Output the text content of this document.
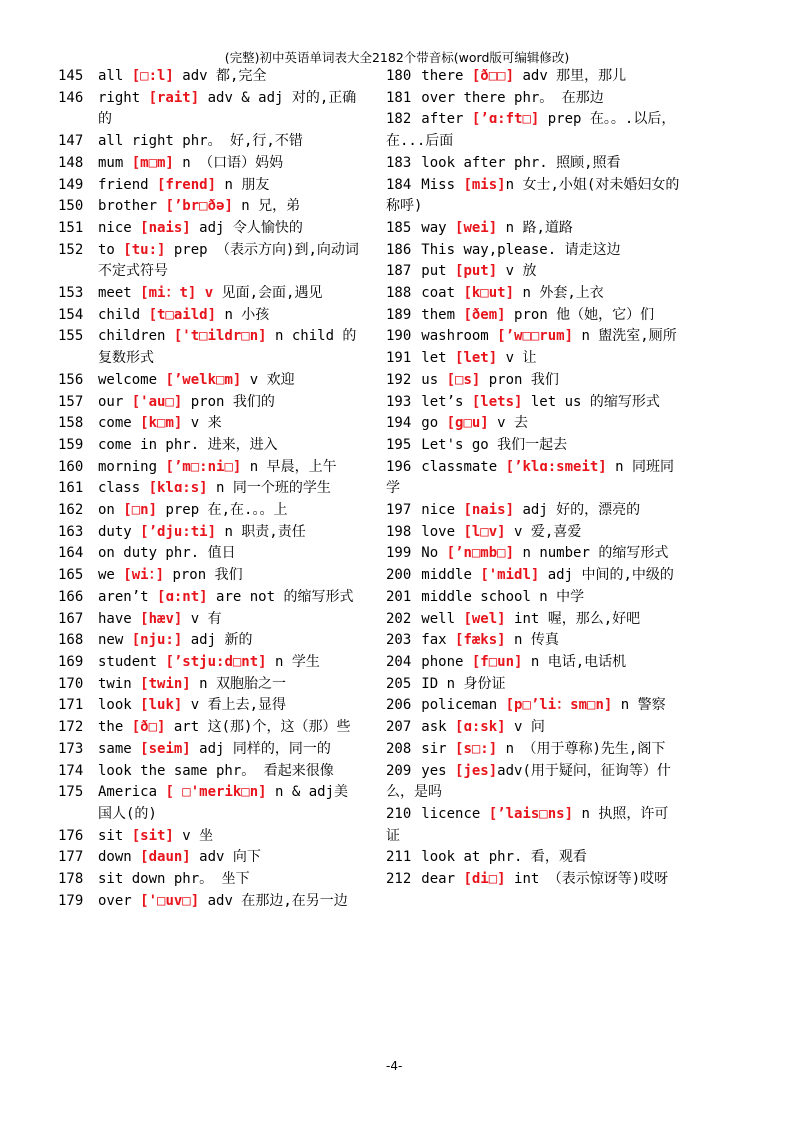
(完整)初中英语单词表大全2182个带音标(word版可编辑修改)
145	all [□:l] adv 都,完全
146	right [rait] adv & adj 对的,正确的
147	all right phr。 好,行,不错
148	mum [m□m] n （口语）妈妈
149	friend [frend] n 朋友
150	brother [’br□ðə] n 兄，弟
151	nice [nais] adj 令人愉快的
152	to [tu:] prep （表示方向)到,向动词不定式符号
153	meet [mi：t] v 见面,会面,遇见
154	child [t□aild] n 小孩
155	children ['t□ildr□n] n child 的复数形式
156	welcome [’welk□m] v 欢迎
157	our ['au□] pron 我们的
158	come [k□m] v 来
159	come in phr. 进来，进入
160	morning [’m□:ni□] n 早晨，上午
161	class [klɑ:s] n 同一个班的学生
162	on [□n] prep 在,在.。。上
163	duty [’dju:ti] n 职责,责任
164	on duty phr. 值日
165	we [wi：] pron 我们
166	aren’t [ɑ:nt] are not 的缩写形式
167	have [hæv] v 有
168	new [nju:] adj 新的
169	student [’stju:d□nt] n 学生
170	twin [twin] n 双胞胎之一
171	look [luk] v 看上去,显得
172	the [ð□] art 这(那)个，这（那）些
173	same [seim] adj 同样的，同一的
174	look the same phr。 看起来很像
175	America [ □'merik□n] n & adj美国人(的)
176	sit [sit] v 坐
177	down [daun] adv 向下
178	sit down phr。 坐下
179	over ['□uv□] adv 在那边,在另一边
180 there [ð□□] adv 那里，那儿
181 over there phr。 在那边
182 after [’ɑ:ft□] prep 在。。.以后，在...后面
183 look after phr. 照顾,照看
184 Miss [mis]n 女士,小姐(对未婚妇女的称呼)
185 way [wei] n 路,道路
186 This way,please. 请走这边
187 put [put] v 放
188 coat [k□ut] n 外套,上衣
189 them [ðem] pron 他（她，它）们
190 washroom [’w□□rum] n 盥洗室,厕所
191 let [let] v 让
192 us [□s] pron 我们
193 let’s [lets] let us 的缩写形式
194 go [g□u] v 去
195 Let's go 我们一起去
196 classmate [’klɑ:smeit] n 同班同学
197 nice [nais] adj 好的，漂亮的
198 love [l□v] v 爱,喜爱
199 No [’n□mb□] n number 的缩写形式
200 middle ['midl] adj 中间的,中级的
201 middle school n 中学
202 well [wel] int 喔，那么,好吧
203 fax [fæks] n 传真
204 phone [f□un] n 电话,电话机
205 ID n 身份证
206 policeman [p□’li：sm□n] n 警察
207 ask [ɑ:sk] v 问
208 sir [s□:] n （用于尊称)先生,阁下
209 yes [jes]adv(用于疑问，征询等）什么，是吗
210 licence [’lais□ns] n 执照，许可证
211 look at phr. 看，观看
212 dear [di□] int （表示惊讶等)哎呀
-4-
